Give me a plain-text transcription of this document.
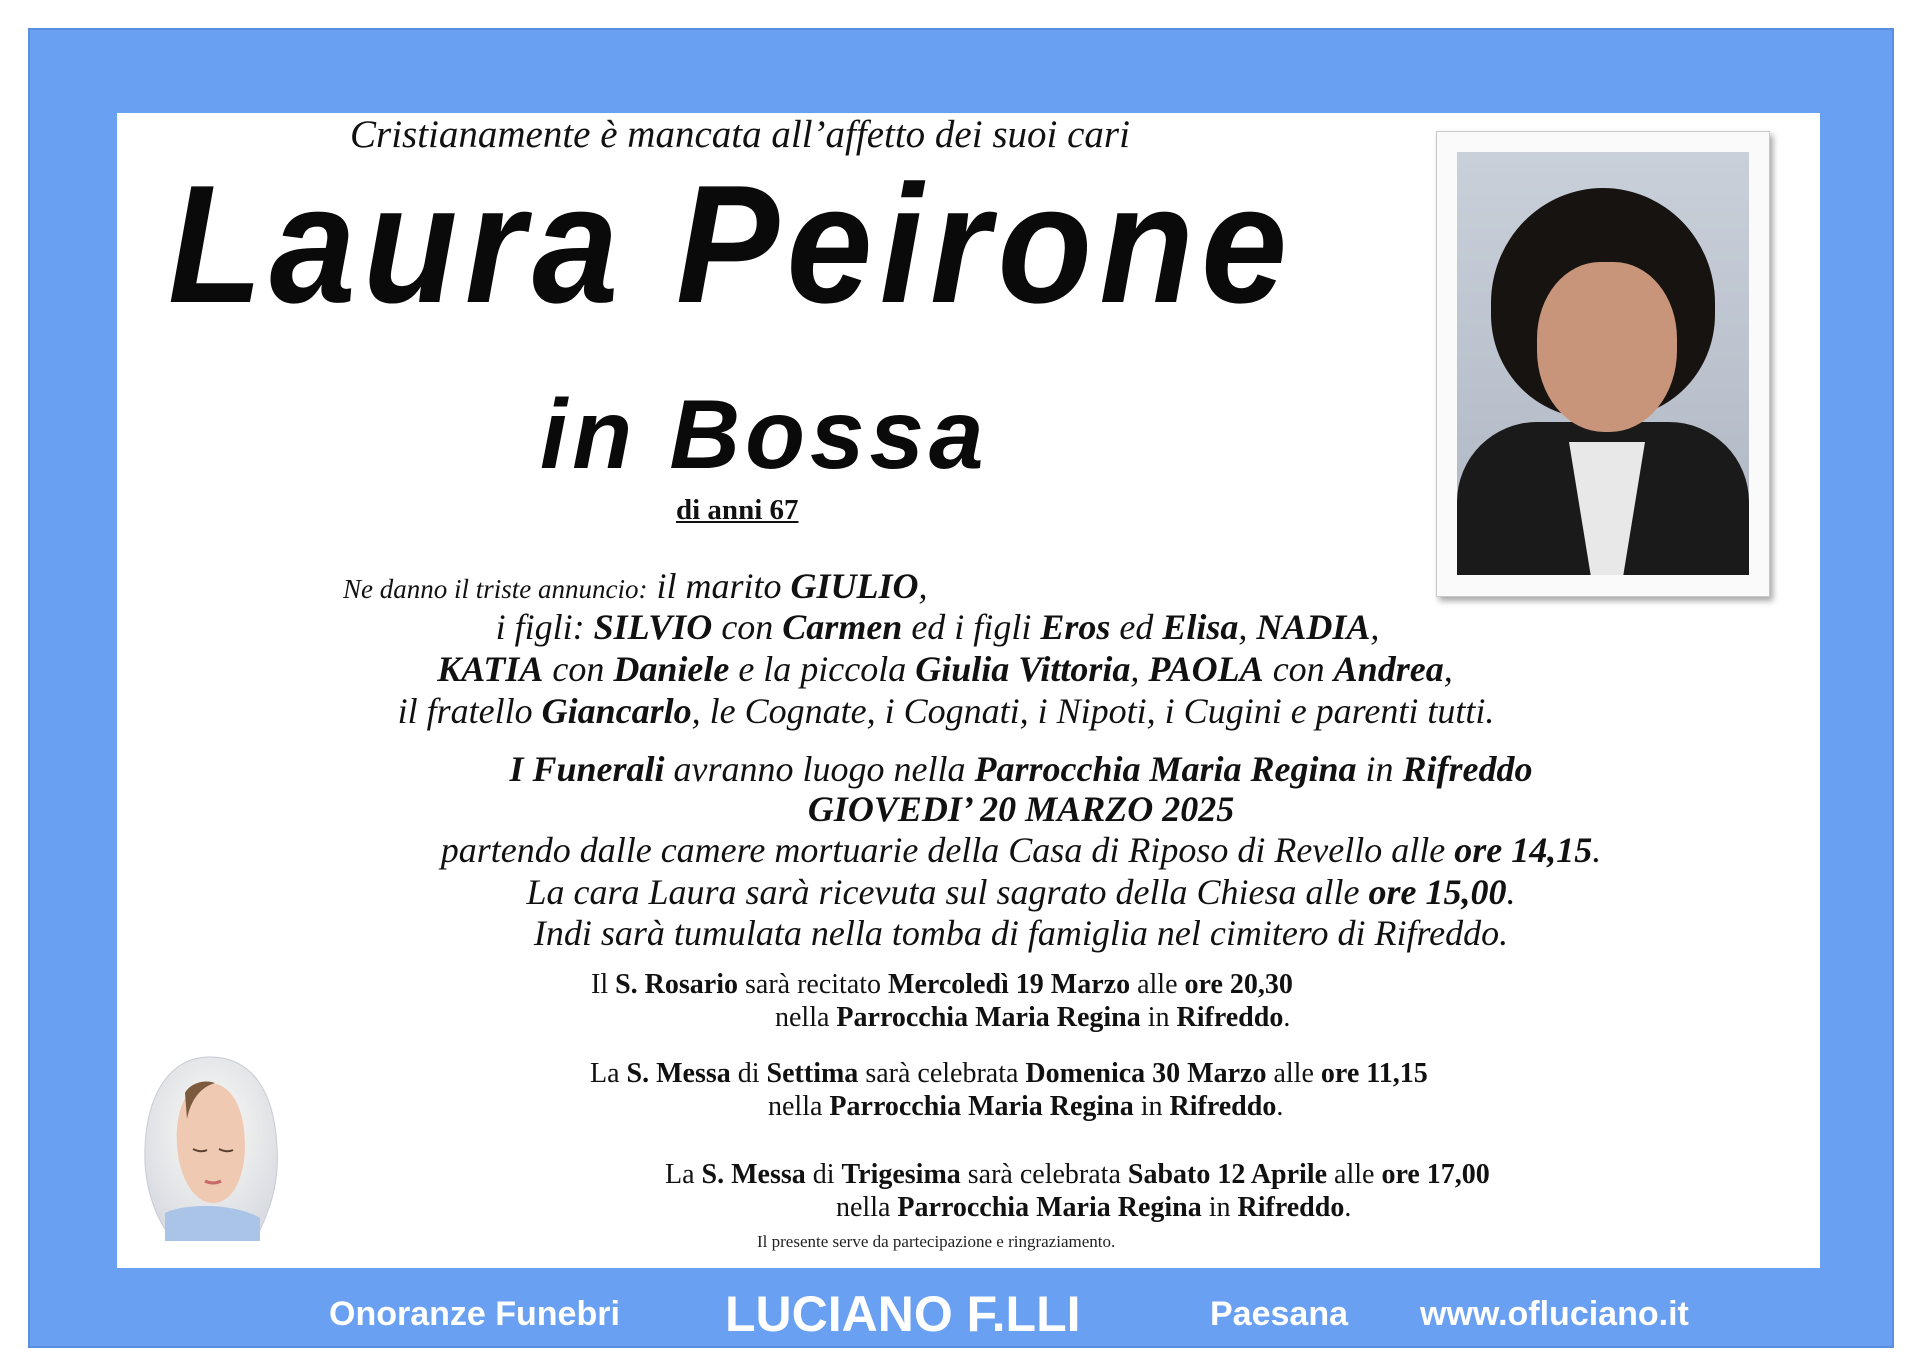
Cristianamente è mancata all’affetto dei suoi cari
Laura Peirone
in Bossa
di anni 67
Ne danno il triste annuncio: il marito GIULIO,
i figli: SILVIO con Carmen ed i figli Eros ed Elisa, NADIA,
KATIA con Daniele e la piccola Giulia Vittoria, PAOLA con Andrea,
il fratello Giancarlo, le Cognate, i Cognati, i Nipoti, i Cugini e parenti tutti.
I Funerali avranno luogo nella Parrocchia Maria Regina in Rifreddo
GIOVEDI’ 20 MARZO 2025
partendo dalle camere mortuarie della Casa di Riposo di Revello alle ore 14,15.
La cara Laura sarà ricevuta sul sagrato della Chiesa alle ore 15,00.
Indi sarà tumulata nella tomba di famiglia nel cimitero di Rifreddo.
Il S. Rosario sarà recitato Mercoledì 19 Marzo alle ore 20,30
nella Parrocchia Maria Regina in Rifreddo.
La S. Messa di Settima sarà celebrata Domenica 30 Marzo alle ore 11,15
nella Parrocchia Maria Regina in Rifreddo.
La S. Messa di Trigesima sarà celebrata Sabato 12 Aprile alle ore 17,00
nella Parrocchia Maria Regina in Rifreddo.
Il presente serve da partecipazione e ringraziamento.
Onoranze Funebri LUCIANO F.LLI	Paesana www.ofluciano.it
